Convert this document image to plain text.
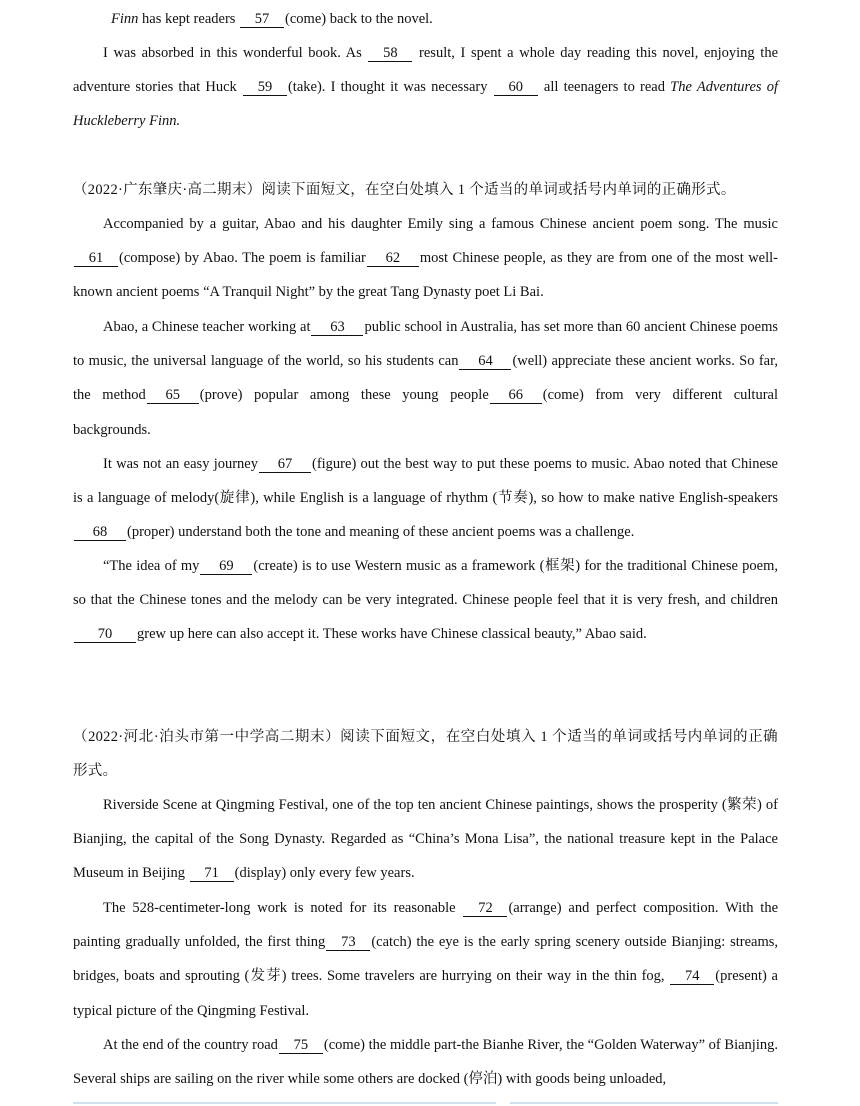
Finn has kept readers 57 (come) back to the novel.

I was absorbed in this wonderful book. As 58 result, I spent a whole day reading this novel, enjoying the adventure stories that Huck 59 (take). I thought it was necessary 60 all teenagers to read The Adventures of Huckleberry Finn.

（2022·广东肇庆·高二期末）阅读下面短文，在空白处填入 1 个适当的单词或括号内单词的正确形式。

Accompanied by a guitar, Abao and his daughter Emily sing a famous Chinese ancient poem song. The music61 (compose) by Abao. The poem is familiar 62 most Chinese people, as they are from one of the most well-known ancient poems “A Tranquil Night” by the great Tang Dynasty poet Li Bai.

Abao, a Chinese teacher working at 63 public school in Australia, has set more than 60 ancient Chinese poems to music, the universal language of the world, so his students can 64 (well) appreciate these ancient works. So far, the method 65 (prove) popular among these young people 66 (come) from very different cultural backgrounds.

It was not an easy journey 67 (figure) out the best way to put these poems to music. Abao noted that Chinese is a language of melody(旋律), while English is a language of rhythm (节奏), so how to make native English-speakers68 (proper) understand both the tone and meaning of these ancient poems was a challenge.

“The idea of my 69 (create) is to use Western music as a framework (框架) for the traditional Chinese poem, so that the Chinese tones and the melody can be very integrated. Chinese people feel that it is very fresh, and children70 grew up here can also accept it. These works have Chinese classical beauty,” Abao said.

（2022·河北·泊头市第一中学高二期末）阅读下面短文，在空白处填入 1 个适当的单词或括号内单词的正确形式。

Riverside Scene at Qingming Festival, one of the top ten ancient Chinese paintings, shows the prosperity (繁荣) of Bianjing, the capital of the Song Dynasty. Regarded as “China’s Mona Lisa”, the national treasure kept in the Palace Museum in Beijing 71 (display) only every few years.

The 528-centimeter-long work is noted for its reasonable 72 (arrange) and perfect composition. With the painting gradually unfolded, the first thing 73 (catch) the eye is the early spring scenery outside Bianjing: streams, bridges, boats and sprouting (发芽) trees. Some travelers are hurrying on their way in the thin fog, 74 (present) a typical picture of the Qingming Festival.

At the end of the country road 75 (come) the middle part-the Bianhe River, the “Golden Waterway” of Bianjing. Several ships are sailing on the river while some others are docked (停泊) with goods being unloaded,
